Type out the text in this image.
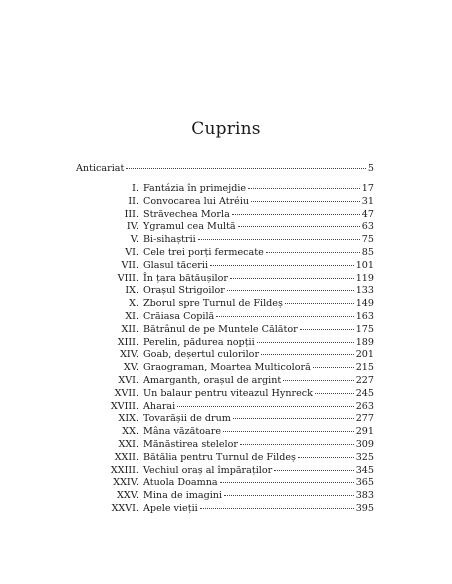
Cuprins
Anticariat	5
I. Fantázia în primejdie	17
II. Convocarea lui Atréiu	31
III. Străvechea Morla	47
IV. Ygramul cea Multă	63
V. Bi-sihaștrii	75
VI. Cele trei porți fermecate	85
VII. Glasul tăcerii	101
VIII. În țara bătăușilor	119
IX. Orașul Strigoilor	133
X. Zborul spre Turnul de Fildeș	149
XI. Crăiasa Copilă	163
XII. Bătrânul de pe Muntele Călător	175
XIII. Perelin, pădurea nopții	189
XIV. Goab, deșertul culorilor	201
XV. Graograman, Moartea Multicoloră	215
XVI. Amarganth, orașul de argint	227
XVII. Un balaur pentru viteazul Hynreck	245
XVIII. Aharai	263
XIX. Tovarășii de drum	277
XX. Mâna văzătoare	291
XXI. Mănăstirea stelelor	309
XXII. Bătălia pentru Turnul de Fildeș	325
XXIII. Vechiul oraș al împăraților	345
XXIV. Atuola Doamna	365
XXV. Mina de imagini	383
XXVI. Apele vieții	395
